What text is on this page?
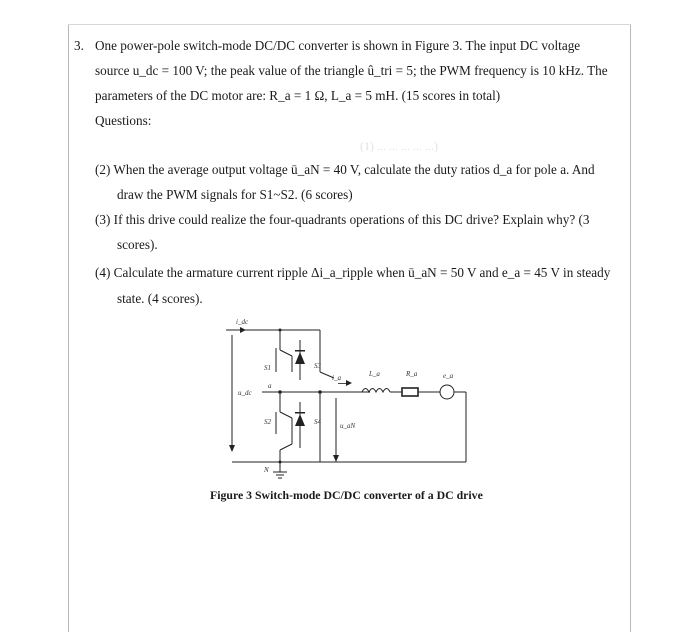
3. One power-pole switch-mode DC/DC converter is shown in Figure 3. The input DC voltage
source u_dc = 100 V; the peak value of the triangle û_tri = 5; the PWM frequency is 10 kHz. The
parameters of the DC motor are: R_a = 1 Ω, L_a = 5 mH. (15 scores in total)
Questions:
(1) ... ... ... ... ...)
(2) When the average output voltage ū_aN = 40 V, calculate the duty ratios d_a for pole a. And
draw the PWM signals for S1~S2. (6 scores)
(3) If this drive could realize the four-quadrants operations of this DC drive? Explain why? (3
scores).
(4) Calculate the armature current ripple Δi_a_ripple when ū_aN = 50 V and e_a = 45 V in steady
state. (4 scores).
i_dc
u_dc
a
N
S1
S2
S3
S4
i_a	L_a	R_a	e_a
u_aN
Figure 3 Switch-mode DC/DC converter of a DC drive
